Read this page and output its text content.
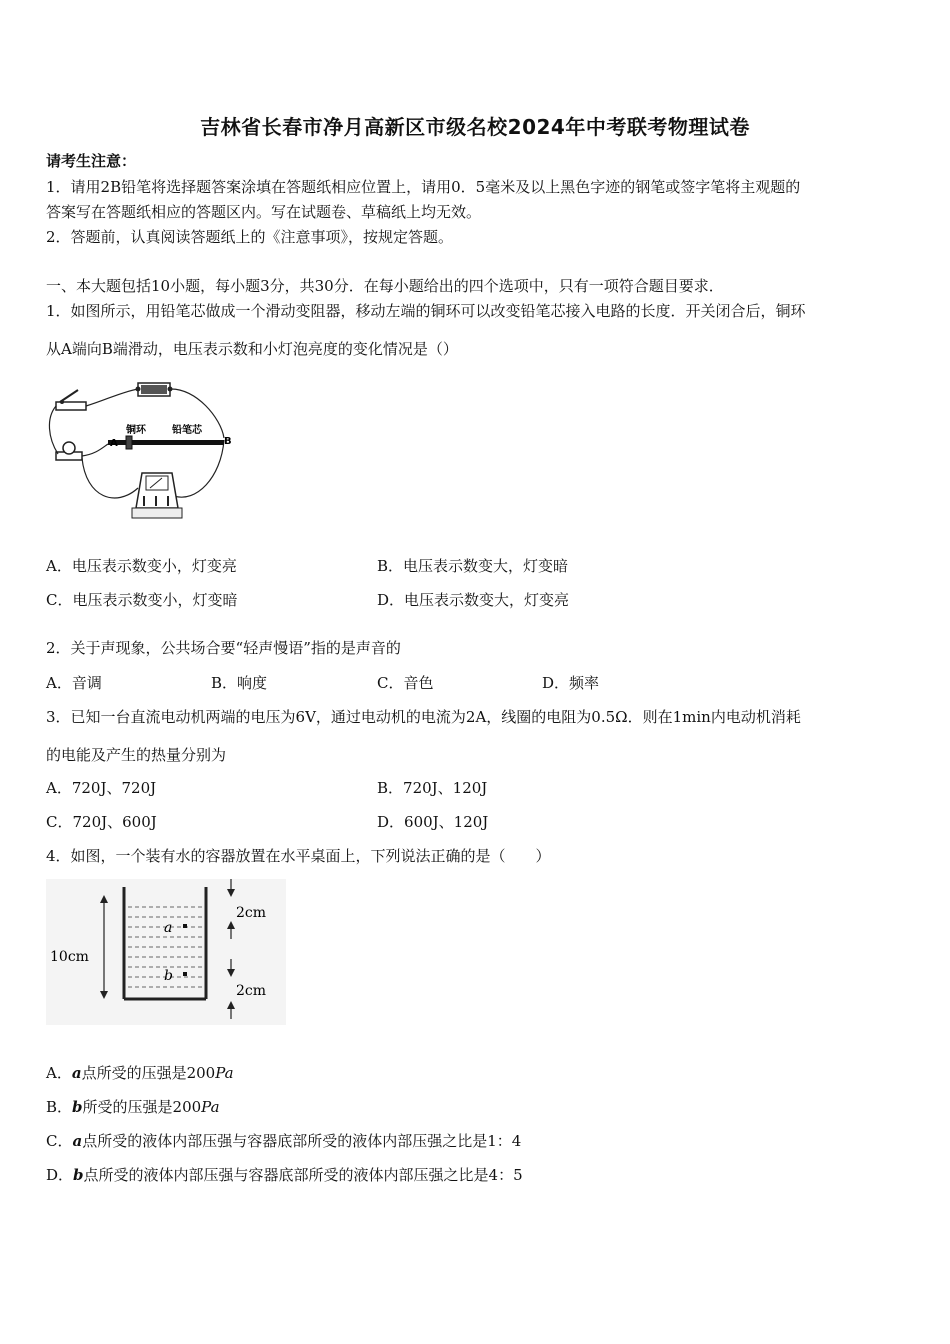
吉林省长春市净月高新区市级名校2024年中考联考物理试卷
请考生注意：
1．请用2B铅笔将选择题答案涂填在答题纸相应位置上，请用0．5毫米及以上黑色字迹的钢笔或签字笔将主观题的
答案写在答题纸相应的答题区内。写在试题卷、草稿纸上均无效。
2．答题前，认真阅读答题纸上的《注意事项》，按规定答题。
一、本大题包括10小题，每小题3分，共30分．在每小题给出的四个选项中，只有一项符合题目要求．
1．如图所示，用铅笔芯做成一个滑动变阻器，移动左端的铜环可以改变铅笔芯接入电路的长度．开关闭合后，铜环
从A端向B端滑动，电压表示数和小灯泡亮度的变化情况是（）
A	B
铜环	铅笔芯
A．电压表示数变小，灯变亮	B．电压表示数变大，灯变暗
C．电压表示数变小，灯变暗	D．电压表示数变大，灯变亮
2．关于声现象，公共场合要“轻声慢语”指的是声音的
A．音调	B．响度	C．音色	D．频率
3．已知一台直流电动机两端的电压为6V，通过电动机的电流为2A，线圈的电阻为0.5Ω．则在1min内电动机消耗
的电能及产生的热量分别为
A．720J、720J	B．720J、120J
C．720J、600J	D．600J、120J
4．如图，一个装有水的容器放置在水平桌面上，下列说法正确的是（　　）
a
b
10cm
2cm
2cm
A．a点所受的压强是200Pa
B．b所受的压强是200Pa
C．a点所受的液体内部压强与容器底部所受的液体内部压强之比是1：4
D．b点所受的液体内部压强与容器底部所受的液体内部压强之比是4：5
